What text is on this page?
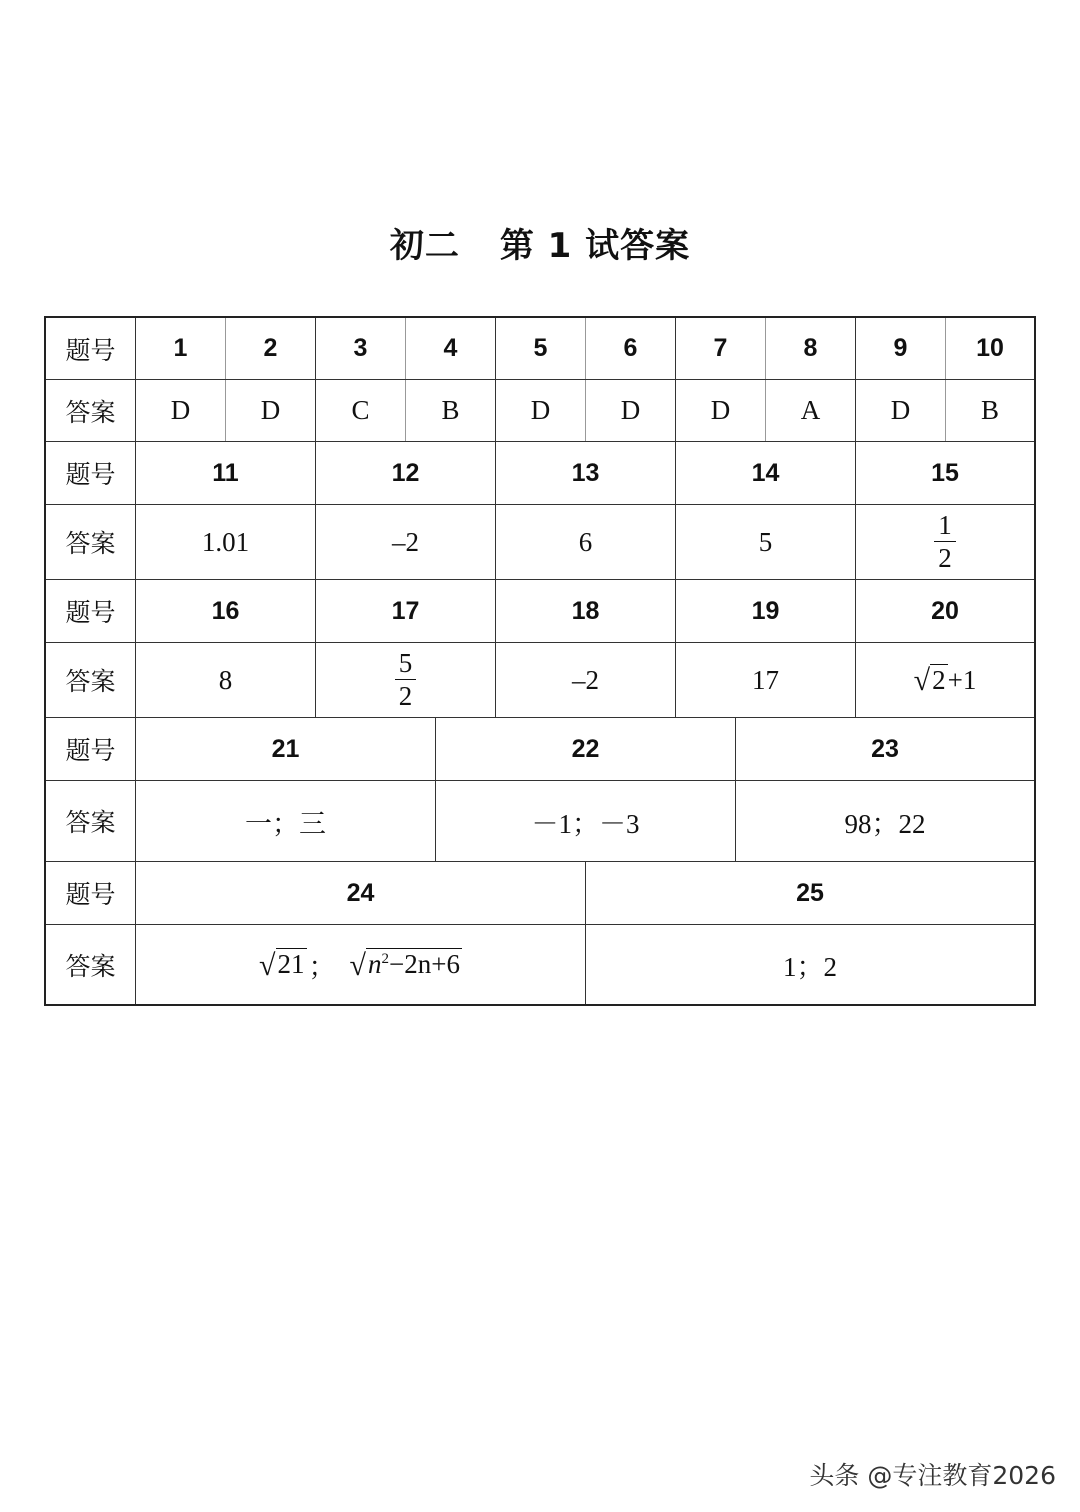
初二 第 1 试答案
题号	1	2	3	4	5	6	7	8	9	10
答案	D	D	C	B	D	D	D	A	D	B
题号	11	12	13	14	15
答案	1.01	–2	6	5	$\frac{1}{2}$
题号	16	17	18	19	20
答案	8	$\frac{5}{2}$	–2	17	√ 2 +1
题号	21	22	23
答案	一；三	－1；－3	98；22
题号	24	25
答案	√ 21 ； √ $n^2-2n+6$	1；2
头条 @专注教育2026
